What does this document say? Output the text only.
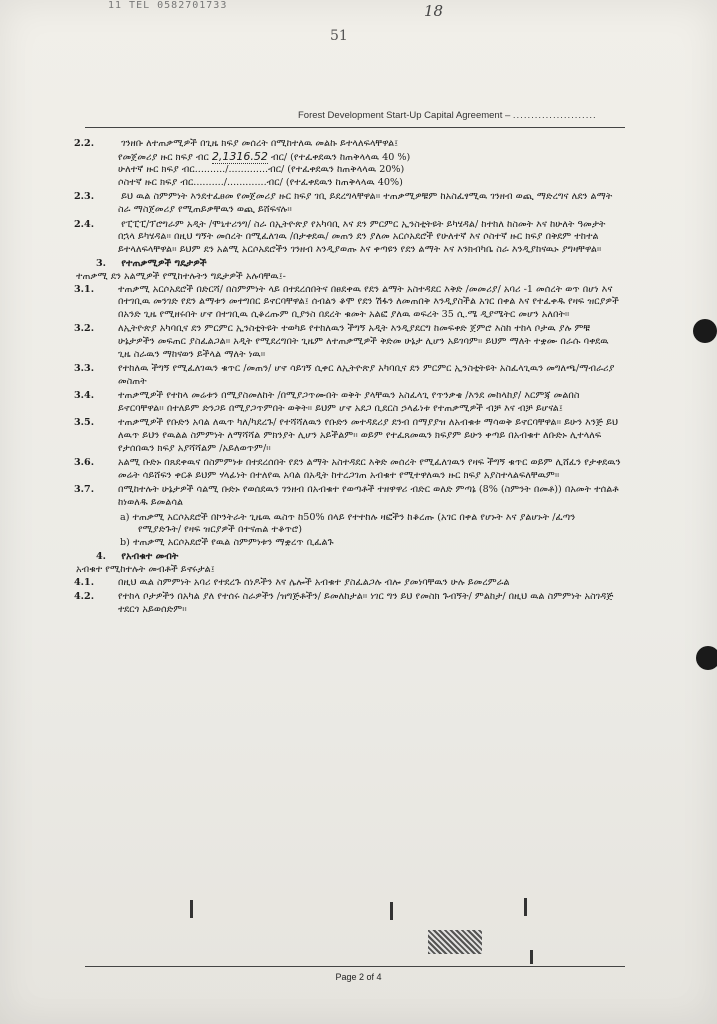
11 TEL 0582701733	18
51
Forest Development Start-Up Capital Agreement – .......................
2.2.	ገንዘቡ ለተጠቃሚዎች በጊዜ ክፍያ መሰረት በሚከተለዉ መልኩ ይተላለፍላቸዋል፤
የመጀመሪያ ዙር ክፍያ ብር 2,1316.52 ብር/ (የተፈቀደዉን ከጠቅላላዉ 40 %)
ሁለተኛ ዙር ክፍያ ብር........../.............ብር/ (የተፈቀደዉን ከጠቅላላዉ 20%)
ሶስተኛ ዙር ክፍያ ብር........../.............ብር/ (የተፈቀደዉን ከጠቅላላዉ 40%)
2.3.	ይህ ዉል ስምምነት እንደተፈፀመ የመጀመሪያ ዙር ክፍያ ገቢ ይደረግላቸዋል። ተጠቃሚዎቹም ከአስፈፃሚዉ ገንዘብ ወጪ ማድረግና ለደን ልማት ስራ ማስጀመሪያ የሚጠይቃቸዉን ወጪ ይሸፍናሉ።
2.4.	የፒፒፒ/ፕሮግራም አዲት /ሞኒተሪንግ/ ስራ በኢትዮጵያ የአካባቢ እና ደን ምርምር ኢንስቲትዩት ይካሄዳል/ ከተከለ ከስመት እና ከሁለት ዓመታት በኋላ ይካሄዳል። በዚህ ግኝት መሰረት በሚፈለገዉ /በታቀደዉ/ መጠን ደን ያለመ አርሶአደሮች የሁለተኛ እና ሶስተኛ ዙር ክፍያ በቅደም ተከተል ይተላለፍላቸዋል። ይህም ደን አልሚ አርሶአደሮችን ገንዘብ እንዲያወጡ እና ቀጣዩን የደን ልማት እና እንክብካቤ ስራ እንዲያከናዉኑ ያግዛቸዋል።
3. የተጠቃሚዎች ግዴታዎች
ተጠቃሚ ደን አልሚዎች የሚከተሉትን ግዴታዎች አሉባቸዉ፤-
3.1. ተጠቃሚ አርሶአደሮች በድርሻ/ በስምምነት ላይ በተደረሰበትና በፀደቀዉ የደን ልማት አስተዳደር እቅድ /መመሪያ/ አባሪ -1 መሰረት ወጥ በሆነ እና በተገቢዉ መንገድ የደን ልማቱን መተግበር ይኖርባቸዋል፤ ሰብልን ቆሞ የደን ሽፋን ለመጠበቅ እንዲያስችል አገር በቀል እና የተፈቀዱ የዛፍ ዝርያዎች በአንድ ጊዜ የሚዘሩበት ሆኖ በተገቢዉ ሲቆረጡም ቢያንስ በደረት ቁመት አልፎ ያለዉ ወፍረት 35 ሲ.ሜ ዲያሜትር መሆን አለበት።
3.2. ለኢትዮጵያ አካባቢና ደን ምርምር ኢንስቲትዩት ተወካይ የተከለዉን ችግኝ አዲት እንዲያደርግ ከመፍቀድ ጀምሮ እስከ ተከላ ቦታዉ ያሉ ምቹ ሁኔታዎችን መፍጠር ያስፈልጋል። አዲት የሚደረግበት ጊዜም ለተጠቃሚዎች ቅድመ ሁኔታ ሊሆን አይገባም። ይህም ማለት ተቋሙ በራሱ ባቀደዉ ጊዜ ስራዉን ማከናወን ይችላል ማለት ነዉ።
3.3. የተከለዉ ችግኝ የሚፈለገዉን ቁጥር /መጠን/ ሆኖ ሳይገኝ ሲቀር ለኢትዮጵያ አካባቢና ደን ምርምር ኢንስቲትዩት አስፈላጊዉን መግለጫ/ማብራሪያ መስጠት
3.4. ተጠቃሚዎች የተከላ መሬቱን በሚያስመለከት /በሚያጋጥሙበት ወቅት ያላቸዉን አስፈላጊ የጥንቃቄ /እንደ መከላከያ/ እርምጃ መልበስ ይኖርባቸዋል። በተለይም ድንጋይ በሚያጋጥምበት ወቅት። ይህም ሆኖ አደጋ ቢደርስ ኃላፊነቱ የተጠቃሚዎች ብቻ እና ብቻ ይሆናል፤
3.5. ተጠቃሚዎች የቡድን አባል ለዉጥ ካለ/ካደረጉ/ የተሻሻለዉን የቡድን መተዳደሪያ ደንብ በማያያዝ ለአብቁቱ ማሳወቅ ይኖርባቸዋል። ይሁን እንጅ ይህ ለዉጥ ይህን የዉልል ስምምነት ለማሻሻል ምክንያት ሊሆን አይችልም። ወይም የተፈጸመዉን ክፍያም ይሁን ቀጣይ በአብቁተ ለቡድኑ ሊተላለፍ የታሰበዉን ክፍያ አያሻሻልም /አይለወጥም/።
3.6. አልሚ ቡድኑ በጸደቀዉና በስምምነቱ በተደረሰበት የደን ልማት አስተዳደር እቅድ መሰረት የሚፈለገዉን የዛፍ ችግኝ ቁጥር ወይም ሊሸፈን የታቀደዉን መሬት ሳይሸፍን ቀርቶ ይህም ሃላፊነት በተለየዉ አባል በአዲት ከተረጋገጠ አብቁተ የሚተዋለዉን ዙር ክፍያ አያስተላልፍለቸዉም።
3.7. በሚከተሉት ሁኔታዎች ሳልሚ ቡድኑ የወሰደዉን ገንዘብ በአብቁተ የወጣቶች ተዘዋዋሪ ብድር ወለድ ምጣኔ (8% (ስምንት በመቶ)) በአመት ተሰልቶ ከነወለዱ ይመልሳል
a) ተጠቃሚ አርሶአደሮች በኮንትራት ጊዜዉ ዉስጥ ከ50% በላይ የተተከሉ ዛፎችን ከቆረጡ (አገር በቀል የሆኑት እና ያልሆኑት /ፈጣን የሚያድጉት/ የዛፍ ዝርያዎች በተናጠል ተቆጥሮ)
b) ተጠቃሚ አርሶአደሮች የዉል ስምምነቱን ማቋረጥ ቢፈልጉ
4. የአብቁተ መብት
አብቁተ የሚከተሉት መብቶች ይኖሩታል፤
4.1. በዚህ ዉል ስምምነት አባሪ የተደረጉ ሰነዶችን እና ሌሎች አብቁተ ያስፈልጋሉ ብሎ ያመነባቸዉን ሁሉ ይመረምራል
4.2. የተከላ ቦታዎችን በአካል ያለ የተሰሩ ስራዎችን /ዝግጅቶችን/ ይመለከታል። ነገር ግን ይህ የመስክ ጉብኝት/ ምልከታ/ በዚህ ዉል ስምምነት አስገዳጅ ተደርጎ አይወሰድም።
Page 2 of 4
